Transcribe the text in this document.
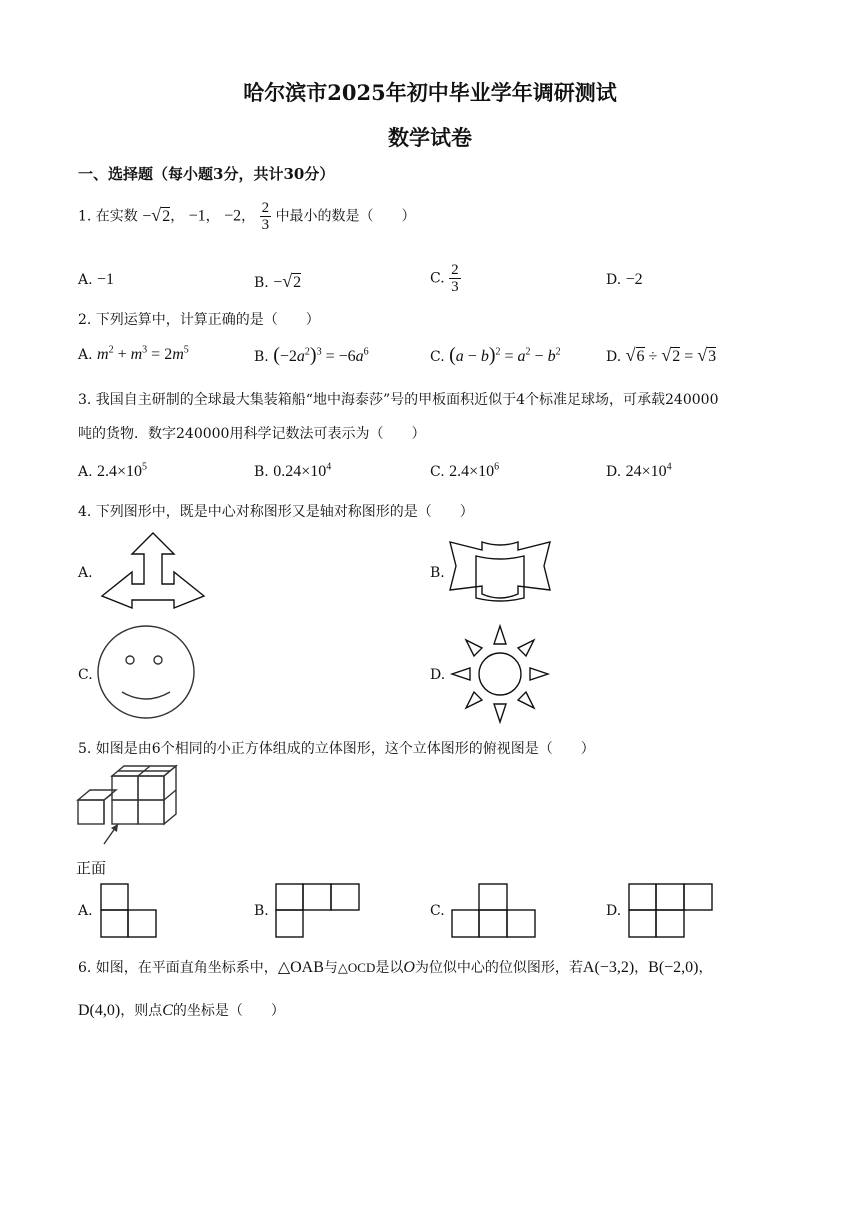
哈尔滨市2025年初中毕业学年调研测试
数学试卷
一、选择题（每小题3分，共计30分）
1. 在实数 −√2， −1， −2， $\frac{2}{3}$ 中最小的数是（　　）
A. −1	B. −√2	C. $\frac{2}{3}$	D. −2
2. 下列运算中，计算正确的是（　　）
A. $m^2 + m^3 = 2m^5$	B. $(-2a^2)^3 = -6a^6$	C. $(a - b)^2 = a^2 - b^2$	D. √6 ÷ √2 = √3
3. 我国自主研制的全球最大集装箱船“地中海泰莎”号的甲板面积近似于4个标准足球场，可承载240000
吨的货物．数字240000用科学记数法可表示为（　　）
A. $2.4\times 10^5$	B. $0.24\times 10^4$	C. $2.4\times 10^6$	D. $24\times 10^4$
4. 下列图形中，既是中心对称图形又是轴对称图形的是（　　）
A.	B.
C.	D.
5. 如图是由6个相同的小正方体组成的立体图形，这个立体图形的俯视图是（　　）
正面
A.	B.	C.	D.
6. 如图，在平面直角坐标系中，△OAB与△OCD是以O为位似中心的位似图形，若A(−3,2)，B(−2,0)，
D(4,0)，则点C的坐标是（　　）
